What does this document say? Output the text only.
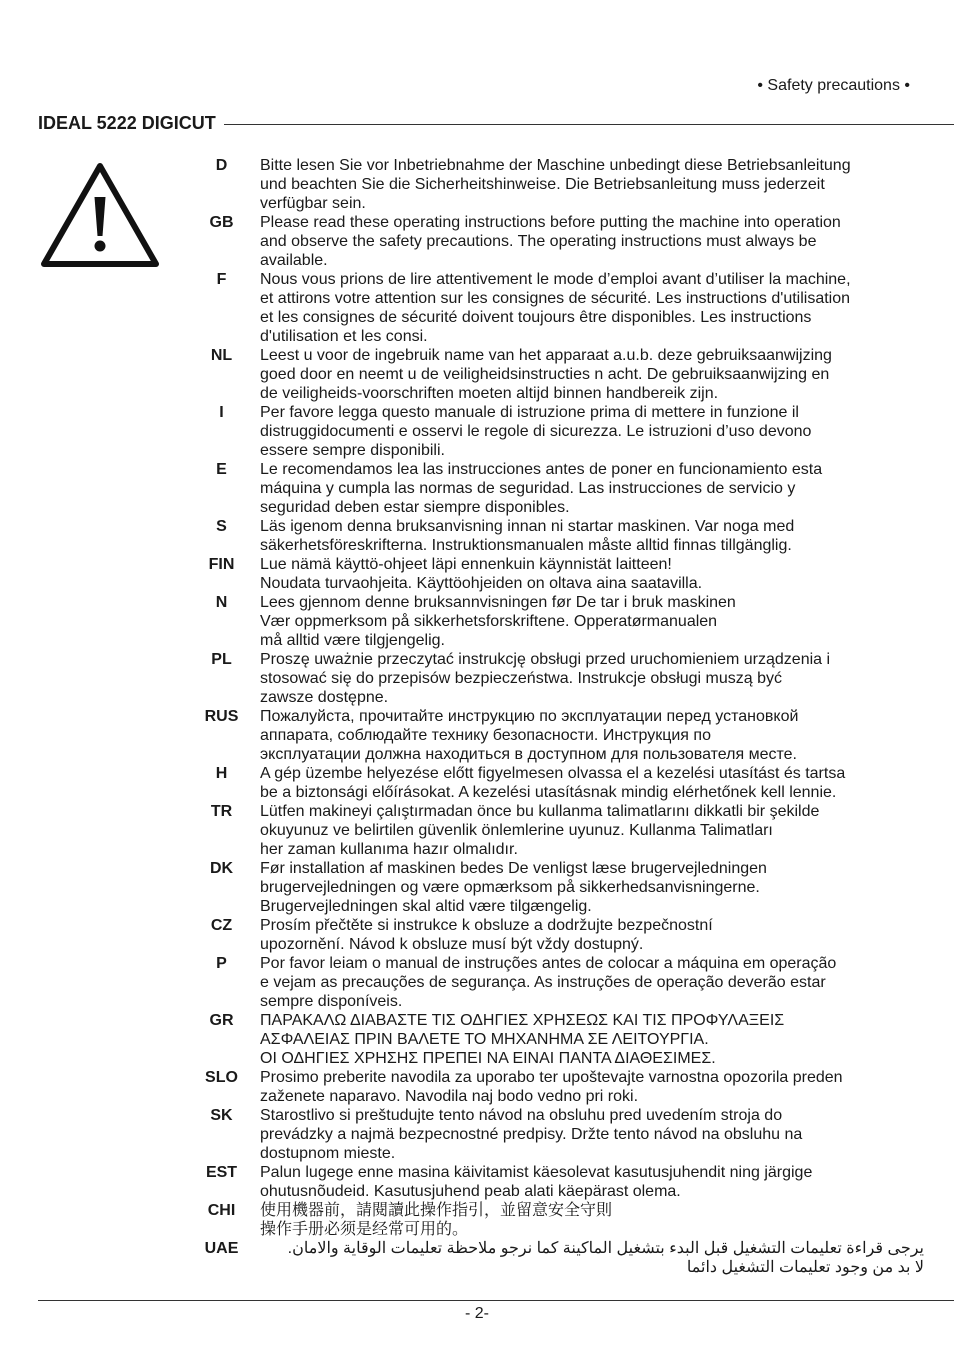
• Safety precautions •
IDEAL 5222 DIGICUT
D	Bitte lesen Sie vor Inbetriebnahme der Maschine unbedingt diese Betriebsanleitung
und beachten Sie die Sicherheitshinweise. Die Betriebsanleitung muss jederzeit
verfügbar sein.
GB	Please read these operating instructions before putting the machine into operation
and observe the safety precautions. The operating instructions must always be
available.
F	Nous vous prions de lire attentivement le mode d’emploi avant d’utiliser la machine,
et attirons votre attention sur les consignes de sécurité. Les instructions d'utilisation
et les consignes de sécurité doivent toujours être disponibles. Les instructions
d'utilisation et les consi.
NL	Leest u voor de ingebruik name van het apparaat a.u.b. deze gebruiksaanwijzing
goed door en neemt u de veiligheidsinstructies n acht. De gebruiksaanwijzing en
de veiligheids-voorschriften moeten altijd binnen handbereik zijn.
I	Per favore legga questo manuale di istruzione prima di mettere in funzione il
distruggidocumenti e osservi le regole di sicurezza. Le istruzioni d’uso devono
essere sempre disponibili.
E	Le recomendamos lea las instrucciones antes de poner en funcionamiento esta
máquina y cumpla las normas de seguridad. Las instrucciones de servicio y
seguridad deben estar siempre disponibles.
S	Läs igenom denna bruksanvisning innan ni startar maskinen. Var noga med
säkerhetsföreskrifterna. Instruktionsmanualen måste alltid finnas tillgänglig.
FIN	Lue nämä käyttö-ohjeet läpi ennenkuin käynnistät laitteen!
Noudata turvaohjeita. Käyttöohjeiden on oltava aina saatavilla.
N	Lees gjennom denne bruksannvisningen før De tar i bruk maskinen
Vær oppmerksom på sikkerhetsforskriftene. Opperatørmanualen
må alltid være tilgjengelig.
PL	Proszę uważnie przeczytać instrukcję obsługi przed uruchomieniem urządzenia i
stosować się do przepisów bezpieczeństwa. Instrukcje obsługi muszą być
zawsze dostępne.
RUS Пожалуйста, прочитайте инструкцию по эксплуатации перед установкой
аппарата, соблюдайте технику безопасности. Инструкция по
эксплуатации должна находиться в доступном для пользователя месте.
H	A gép üzembe helyezése előtt figyelmesen olvassa el a kezelési utasítást és tartsa
be a biztonsági előírásokat. A kezelési utasításnak mindig elérhetőnek kell lennie.
TR	Lütfen makineyi çalıştırmadan önce bu kullanma talimatlarını dikkatli bir şekilde
okuyunuz ve belirtilen güvenlik önlemlerine uyunuz. Kullanma Talimatları
her zaman kullanıma hazır olmalıdır.
DK	Før installation af maskinen bedes De venligst læse brugervejledningen
brugervejledningen og være opmærksom på sikkerhedsanvisningerne.
Brugervejledningen skal altid være tilgængelig.
CZ	Prosím přečtěte si instrukce k obsluze a dodržujte bezpečnostní
upozornění. Návod k obsluze musí být vždy dostupný.
P	Por favor leiam o manual de instruções antes de colocar a máquina em operação
e vejam as precauções de segurança. As instruções de operação deverão estar
sempre disponíveis.
GR	ΠΑΡΑΚΑΛΩ ΔΙΑΒΑΣΤΕ ΤΙΣ ΟΔΗΓΙΕΣ ΧΡΗΣΕΩΣ ΚΑΙ ΤΙΣ ΠΡΟΦΥΛΑΞΕΙΣ
ΑΣΦΑΛΕΙΑΣ ΠΡΙΝ ΒΑΛΕΤΕ ΤΟ ΜΗΧΑΝΗΜΑ ΣΕ ΛΕΙΤΟΥΡΓΙΑ.
ΟΙ ΟΔΗΓΙΕΣ ΧΡΗΣΗΣ ΠΡΕΠΕΙ ΝΑ ΕΙΝΑΙ ΠΑΝΤΑ ΔΙΑΘΕΣΙΜΕΣ.
SLO	Prosimo preberite navodila za uporabo ter upoštevajte varnostna opozorila preden
zaženete naparavo. Navodila naj bodo vedno pri roki.
SK	Starostlivo si preštudujte tento návod na obsluhu pred uvedením stroja do
prevádzky a najmä bezpecnostné predpisy. Držte tento návod na obsluhu na
dostupnom mieste.
EST	Palun lugege enne masina käivitamist käesolevat kasutusjuhendit ning järgige
ohutusnõudeid. Kasutusjuhend peab alati käepärast olema.
CHI	使用機器前，請閱讀此操作指引，並留意安全守則
操作手册必须是经常可用的。
UAE	يرجى قراءة تعليمات التشغيل قبل البدء بتشغيل الماكينة كما نرجو ملاحظة تعليمات الوقاية والامان.
لا بد من وجود تعليمات التشغيل دائما
- 2-
